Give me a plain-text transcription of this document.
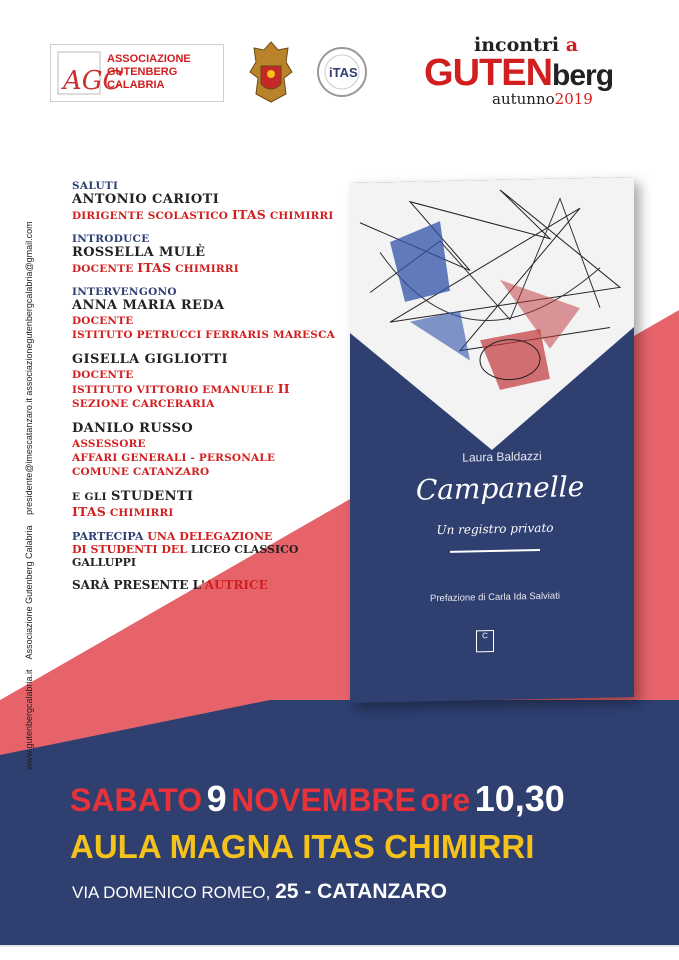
AGC
ASSOCIAZIONE
GUTENBERG
CALABRIA
iTAS
incontri a
GUTENberg
autunno2019
SALUTI
ANTONIO CARIOTI
DIRIGENTE SCOLASTICO ITAS CHIMIRRI
INTRODUCE
ROSSELLA MULÈ
DOCENTE ITAS CHIMIRRI
INTERVENGONO
ANNA MARIA REDA
DOCENTE
ISTITUTO PETRUCCI FERRARIS MARESCA
GISELLA GIGLIOTTI
DOCENTE
ISTITUTO VITTORIO EMANUELE II
SEZIONE CARCERARIA
DANILO RUSSO
ASSESSORE
AFFARI GENERALI - PERSONALE
COMUNE CATANZARO
E GLI STUDENTI
ITAS CHIMIRRI
PARTECIPA UNA DELEGAZIONE
DI STUDENTI DEL LICEO CLASSICO
GALLUPPI
SARÀ PRESENTE L'AUTRICE
www.gutenbergcalabria.it Associazione Gutenberg Calabria presidente@imescatanzaro.it associazionegutenbergcalabria@gmail.com	Laura Baldazzi
Campanelle
Un registro privato
Prefazione di Carla Ida Salviati
C
SABATO 9 NOVEMBRE ore 10,30
AULA MAGNA ITAS CHIMIRRI
VIA DOMENICO ROMEO, 25 - CATANZARO
